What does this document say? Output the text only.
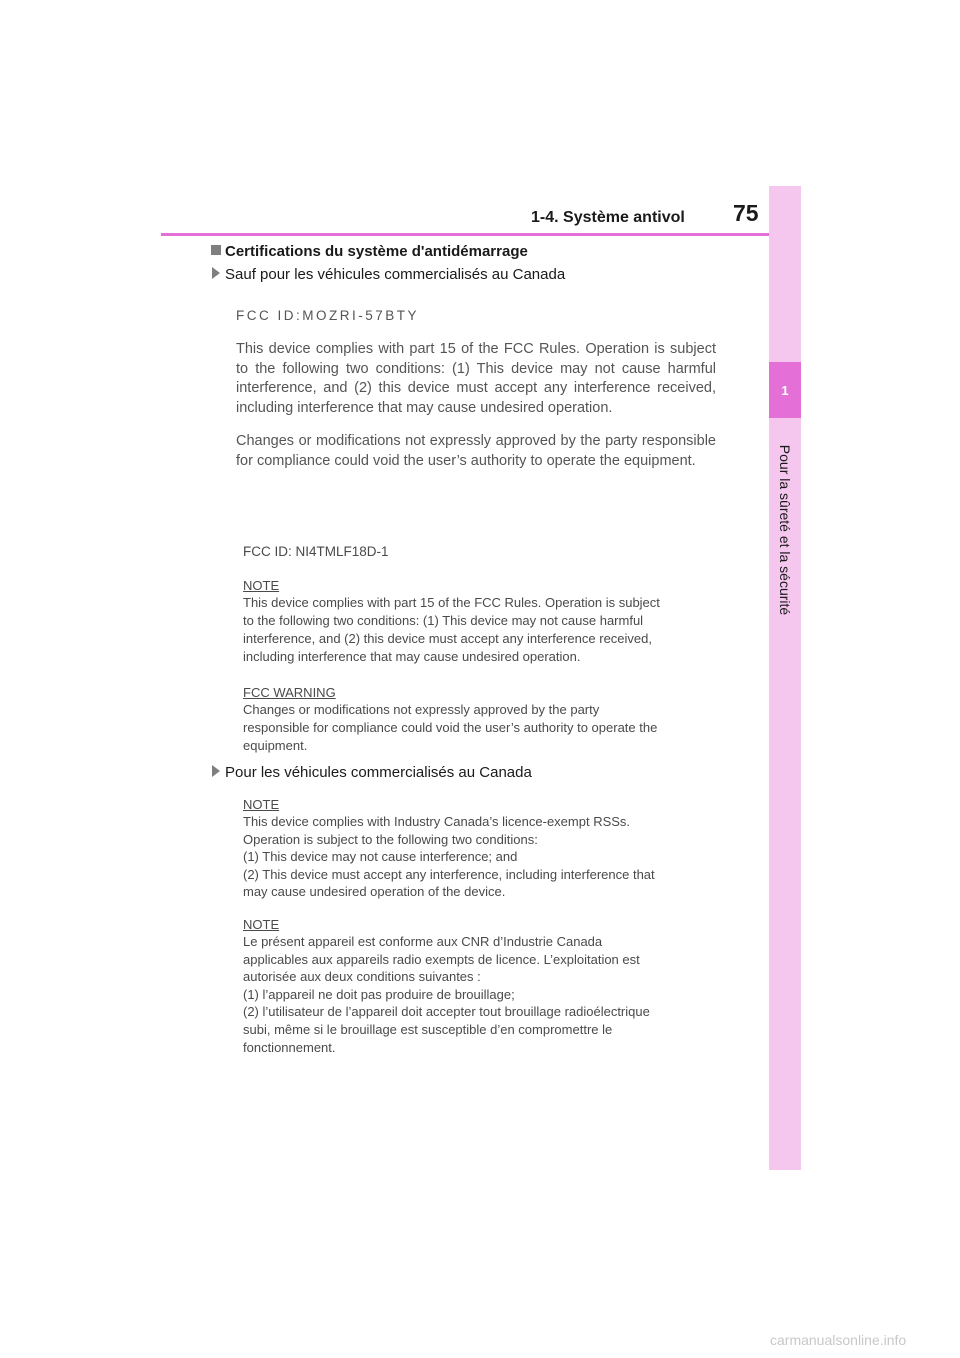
1
Pour la sûreté et la sécurité
1-4. Système antivol 75
Certifications du système d'antidémarrage
Sauf pour les véhicules commercialisés au Canada
FCC ID:MOZRI-57BTY

This device complies with part 15 of the FCC Rules. Operation is subject to the following two conditions: (1) This device may not cause harmful interference, and (2) this device must accept any interference received, including interference that may cause undesired operation.

Changes or modifications not expressly approved by the party responsible for compliance could void the user’s authority to operate the equipment.

FCC ID: NI4TMLF18D-1
NOTE

This device complies with part 15 of the FCC Rules. Operation is subject
to the following two conditions: (1) This device may not cause harmful
interference, and (2) this device must accept any interference received,
including interference that may cause undesired operation.

FCC WARNING

Changes or modifications not expressly approved by the party
responsible for compliance could void the user’s authority to operate the
equipment.

Pour les véhicules commercialisés au Canada
NOTE

This device complies with Industry Canada’s licence-exempt RSSs.
Operation is subject to the following two conditions:
(1) This device may not cause interference; and
(2) This device must accept any interference, including interference that
may cause undesired operation of the device.

NOTE

Le présent appareil est conforme aux CNR d’Industrie Canada
applicables aux appareils radio exempts de licence. L’exploitation est
autorisée aux deux conditions suivantes :
(1) l’appareil ne doit pas produire de brouillage;
(2) l’utilisateur de l’appareil doit accepter tout brouillage radioélectrique
subi, même si le brouillage est susceptible d’en compromettre le
fonctionnement.

carmanualsonline.info
